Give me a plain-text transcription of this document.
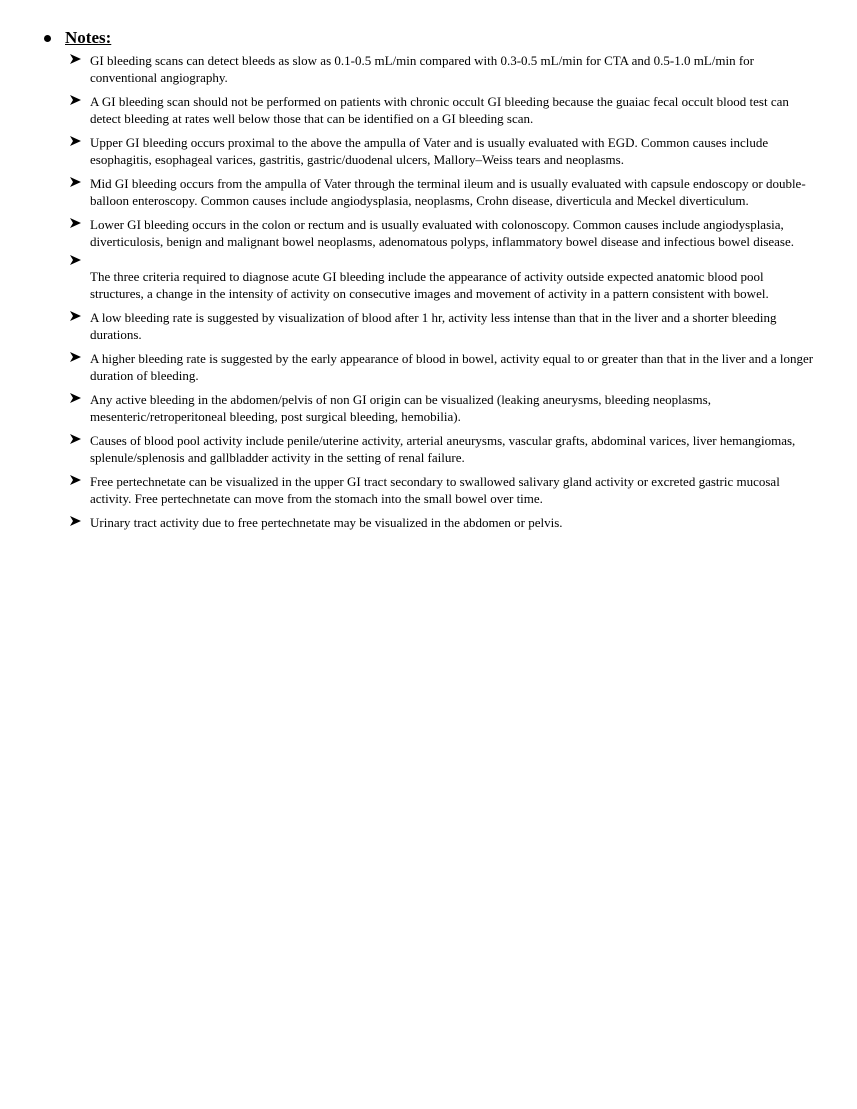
Notes:
GI bleeding scans can detect bleeds as slow as 0.1-0.5 mL/min compared with 0.3-0.5 mL/min for CTA and 0.5-1.0 mL/min for conventional angiography.
A GI bleeding scan should not be performed on patients with chronic occult GI bleeding because the guaiac fecal occult blood test can detect bleeding at rates well below those that can be identified on a GI bleeding scan.
Upper GI bleeding occurs proximal to the above the ampulla of Vater and is usually evaluated with EGD. Common causes include esophagitis, esophageal varices, gastritis, gastric/duodenal ulcers, Mallory–Weiss tears and neoplasms.
Mid GI bleeding occurs from the ampulla of Vater through the terminal ileum and is usually evaluated with capsule endoscopy or double-balloon enteroscopy. Common causes include angiodysplasia, neoplasms, Crohn disease, diverticula and Meckel diverticulum.
Lower GI bleeding occurs in the colon or rectum and is usually evaluated with colonoscopy. Common causes include angiodysplasia, diverticulosis, benign and malignant bowel neoplasms, adenomatous polyps, inflammatory bowel disease and infectious bowel disease.
The three criteria required to diagnose acute GI bleeding include the appearance of activity outside expected anatomic blood pool structures, a change in the intensity of activity on consecutive images and movement of activity in a pattern consistent with bowel.
A low bleeding rate is suggested by visualization of blood after 1 hr, activity less intense than that in the liver and a shorter bleeding durations.
A higher bleeding rate is suggested by the early appearance of blood in bowel, activity equal to or greater than that in the liver and a longer duration of bleeding.
Any active bleeding in the abdomen/pelvis of non GI origin can be visualized (leaking aneurysms, bleeding neoplasms, mesenteric/retroperitoneal bleeding, post surgical bleeding, hemobilia).
Causes of blood pool activity include penile/uterine activity, arterial aneurysms, vascular grafts, abdominal varices, liver hemangiomas, splenule/splenosis and gallbladder activity in the setting of renal failure.
Free pertechnetate can be visualized in the upper GI tract secondary to swallowed salivary gland activity or excreted gastric mucosal activity. Free pertechnetate can move from the stomach into the small bowel over time.
Urinary tract activity due to free pertechnetate may be visualized in the abdomen or pelvis.
